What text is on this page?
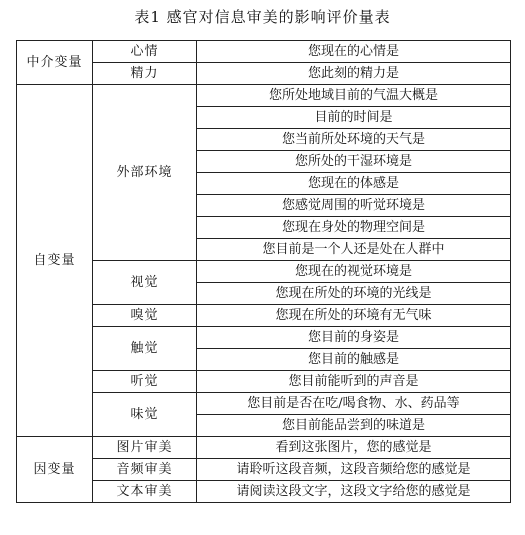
表1 感官对信息审美的影响评价量表
中介变量	心情	您现在的心情是
	精力	您此刻的精力是
自变量	外部环境	您所处地域目前的气温大概是
		目前的时间是
		您当前所处环境的天气是
		您所处的干湿环境是
		您现在的体感是
		您感觉周围的听觉环境是
		您现在身处的物理空间是
		您目前是一个人还是处在人群中
	视觉	您现在的视觉环境是
		您现在所处的环境的光线是
	嗅觉	您现在所处的环境有无气味
	触觉	您目前的身姿是
		您目前的触感是
	听觉	您目前能听到的声音是
	味觉	您目前是否在吃/喝食物、水、药品等
		您目前能品尝到的味道是
因变量	图片审美	看到这张图片，您的感觉是
	音频审美	请聆听这段音频，这段音频给您的感觉是
	文本审美	请阅读这段文字，这段文字给您的感觉是
